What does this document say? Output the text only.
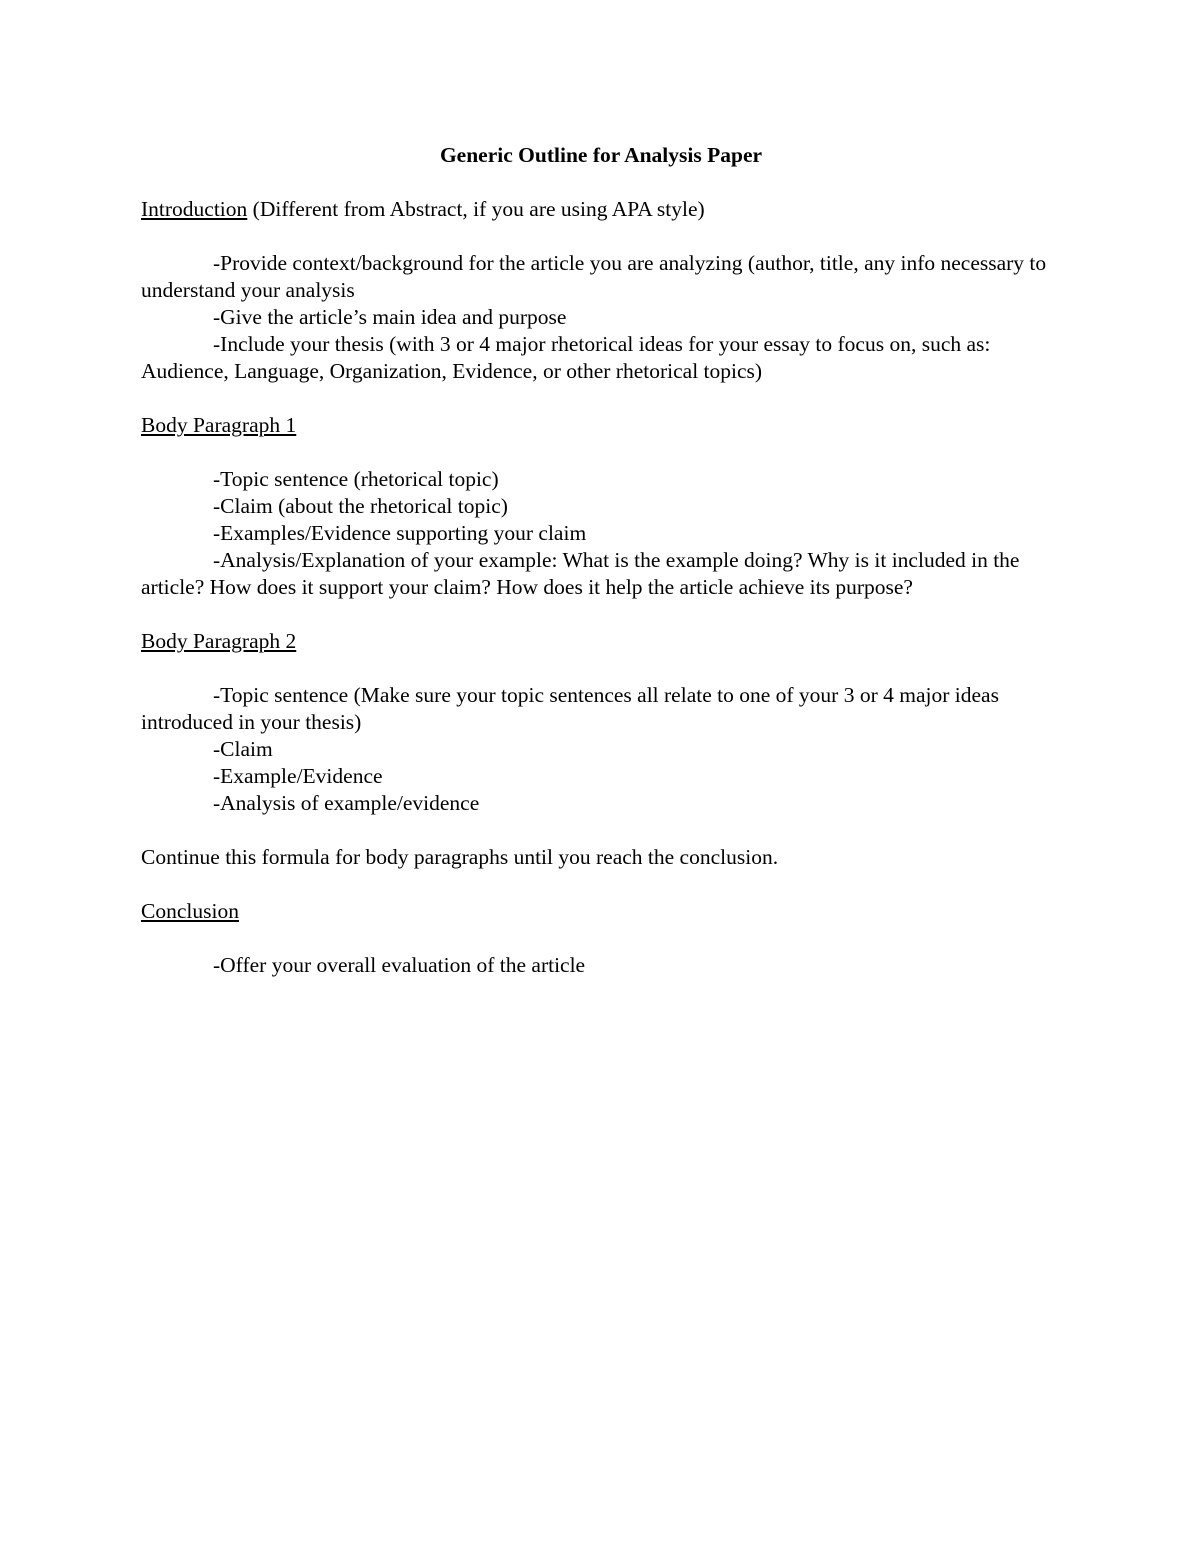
Generic Outline for Analysis Paper

Introduction (Different from Abstract, if you are using APA style)

-Provide context/background for the article you are analyzing (author, title, any info necessary to understand your analysis

-Give the article’s main idea and purpose

-Include your thesis (with 3 or 4 major rhetorical ideas for your essay to focus on, such as: Audience, Language, Organization, Evidence, or other rhetorical topics)

Body Paragraph 1

-Topic sentence (rhetorical topic)

-Claim (about the rhetorical topic)

-Examples/Evidence supporting your claim

-Analysis/Explanation of your example: What is the example doing? Why is it included in the article? How does it support your claim? How does it help the article achieve its purpose?

Body Paragraph 2

-Topic sentence (Make sure your topic sentences all relate to one of your 3 or 4 major ideas introduced in your thesis)

-Claim

-Example/Evidence

-Analysis of example/evidence

Continue this formula for body paragraphs until you reach the conclusion.

Conclusion

-Offer your overall evaluation of the article
